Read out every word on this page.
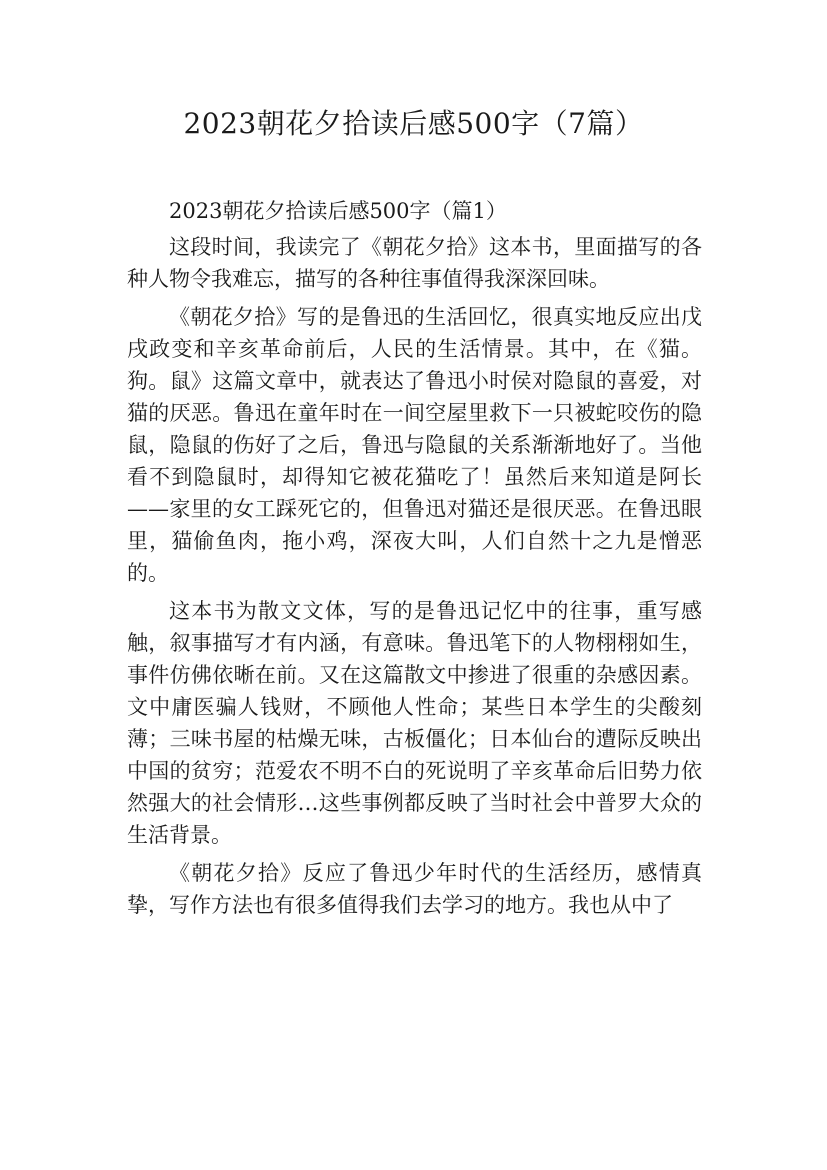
2023朝花夕拾读后感500字（7篇）

2023朝花夕拾读后感500字（篇1）

这段时间，我读完了《朝花夕拾》这本书，里面描写的各种人物令我难忘，描写的各种往事值得我深深回味。

《朝花夕拾》写的是鲁迅的生活回忆，很真实地反应出戊戌政变和辛亥革命前后，人民的生活情景。其中，在《猫。狗。鼠》这篇文章中，就表达了鲁迅小时侯对隐鼠的喜爱，对猫的厌恶。鲁迅在童年时在一间空屋里救下一只被蛇咬伤的隐鼠，隐鼠的伤好了之后，鲁迅与隐鼠的关系渐渐地好了。当他看不到隐鼠时，却得知它被花猫吃了！虽然后来知道是阿长——家里的女工踩死它的，但鲁迅对猫还是很厌恶。在鲁迅眼里，猫偷鱼肉，拖小鸡，深夜大叫，人们自然十之九是憎恶的。

这本书为散文文体，写的是鲁迅记忆中的往事，重写感触，叙事描写才有内涵，有意味。鲁迅笔下的人物栩栩如生，事件仿佛依晰在前。又在这篇散文中掺进了很重的杂感因素。文中庸医骗人钱财，不顾他人性命；某些日本学生的尖酸刻薄；三味书屋的枯燥无味，古板僵化；日本仙台的遭际反映出中国的贫穷；范爱农不明不白的死说明了辛亥革命后旧势力依然强大的社会情形…这些事例都反映了当时社会中普罗大众的生活背景。

《朝花夕拾》反应了鲁迅少年时代的生活经历，感情真挚，写作方法也有很多值得我们去学习的地方。我也从中了
